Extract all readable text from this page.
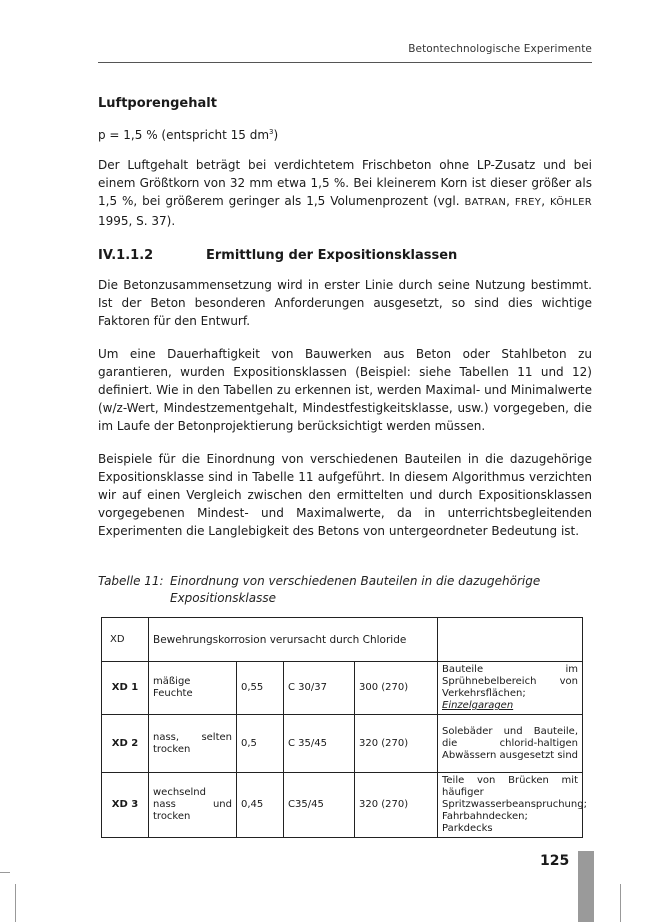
Betontechnologische Experimente
Luftporengehalt

p = 1,5 % (entspricht 15 $dm^3$)

Der Luftgehalt beträgt bei verdichtetem Frischbeton ohne LP-Zusatz und bei einem Größtkorn von 32 mm etwa 1,5 %. Bei kleinerem Korn ist dieser größer als 1,5 %, bei größerem geringer als 1,5 Volumenprozent (vgl. BATRAN, FREY, KÖHLER 1995, S. 37).

IV.1.1.2	Ermittlung der Expositionsklassen

Die Betonzusammensetzung wird in erster Linie durch seine Nutzung bestimmt. Ist der Beton besonderen Anforderungen ausgesetzt, so sind dies wichtige Faktoren für den Entwurf.

Um eine Dauerhaftigkeit von Bauwerken aus Beton oder Stahlbeton zu garantieren, wurden Expositionsklassen (Beispiel: siehe Tabellen 11 und 12) definiert. Wie in den Tabellen zu erkennen ist, werden Maximal- und Minimalwerte (w/z-Wert, Mindestzementgehalt, Mindestfestigkeitsklasse, usw.) vorgegeben, die im Laufe der Betonprojektierung berücksichtigt werden müssen.

Beispiele für die Einordnung von verschiedenen Bauteilen in die dazugehörige Expositionsklasse sind in Tabelle 11 aufgeführt. In diesem Algorithmus verzichten wir auf einen Vergleich zwischen den ermittelten und durch Expositionsklassen vorgegebenen Mindest- und Maximalwerte, da in unterrichtsbegleitenden Experimenten die Langlebigkeit des Betons von untergeordneter Bedeutung ist.

Tabelle 11: Einordnung von verschiedenen Bauteilen in die dazugehörige Expositionsklasse
XD	Bewehrungskorrosion verursacht durch Chloride				
XD 1	mäßige Feuchte	0,55	C 30/37	300 (270)	Bauteile im Sprühnebelbereich von Verkehrsflächen; Einzelgaragen
XD 2	nass, selten trocken	0,5	C 35/45	320 (270)	Solebäder und Bauteile, die chlorid-haltigen Abwässern ausgesetzt sind
XD 3	wechselnd nass und trocken	0,45	C35/45	320 (270)	Teile von Brücken mit häufiger Spritzwasserbeanspruchung; Fahrbahndecken; Parkdecks
125
